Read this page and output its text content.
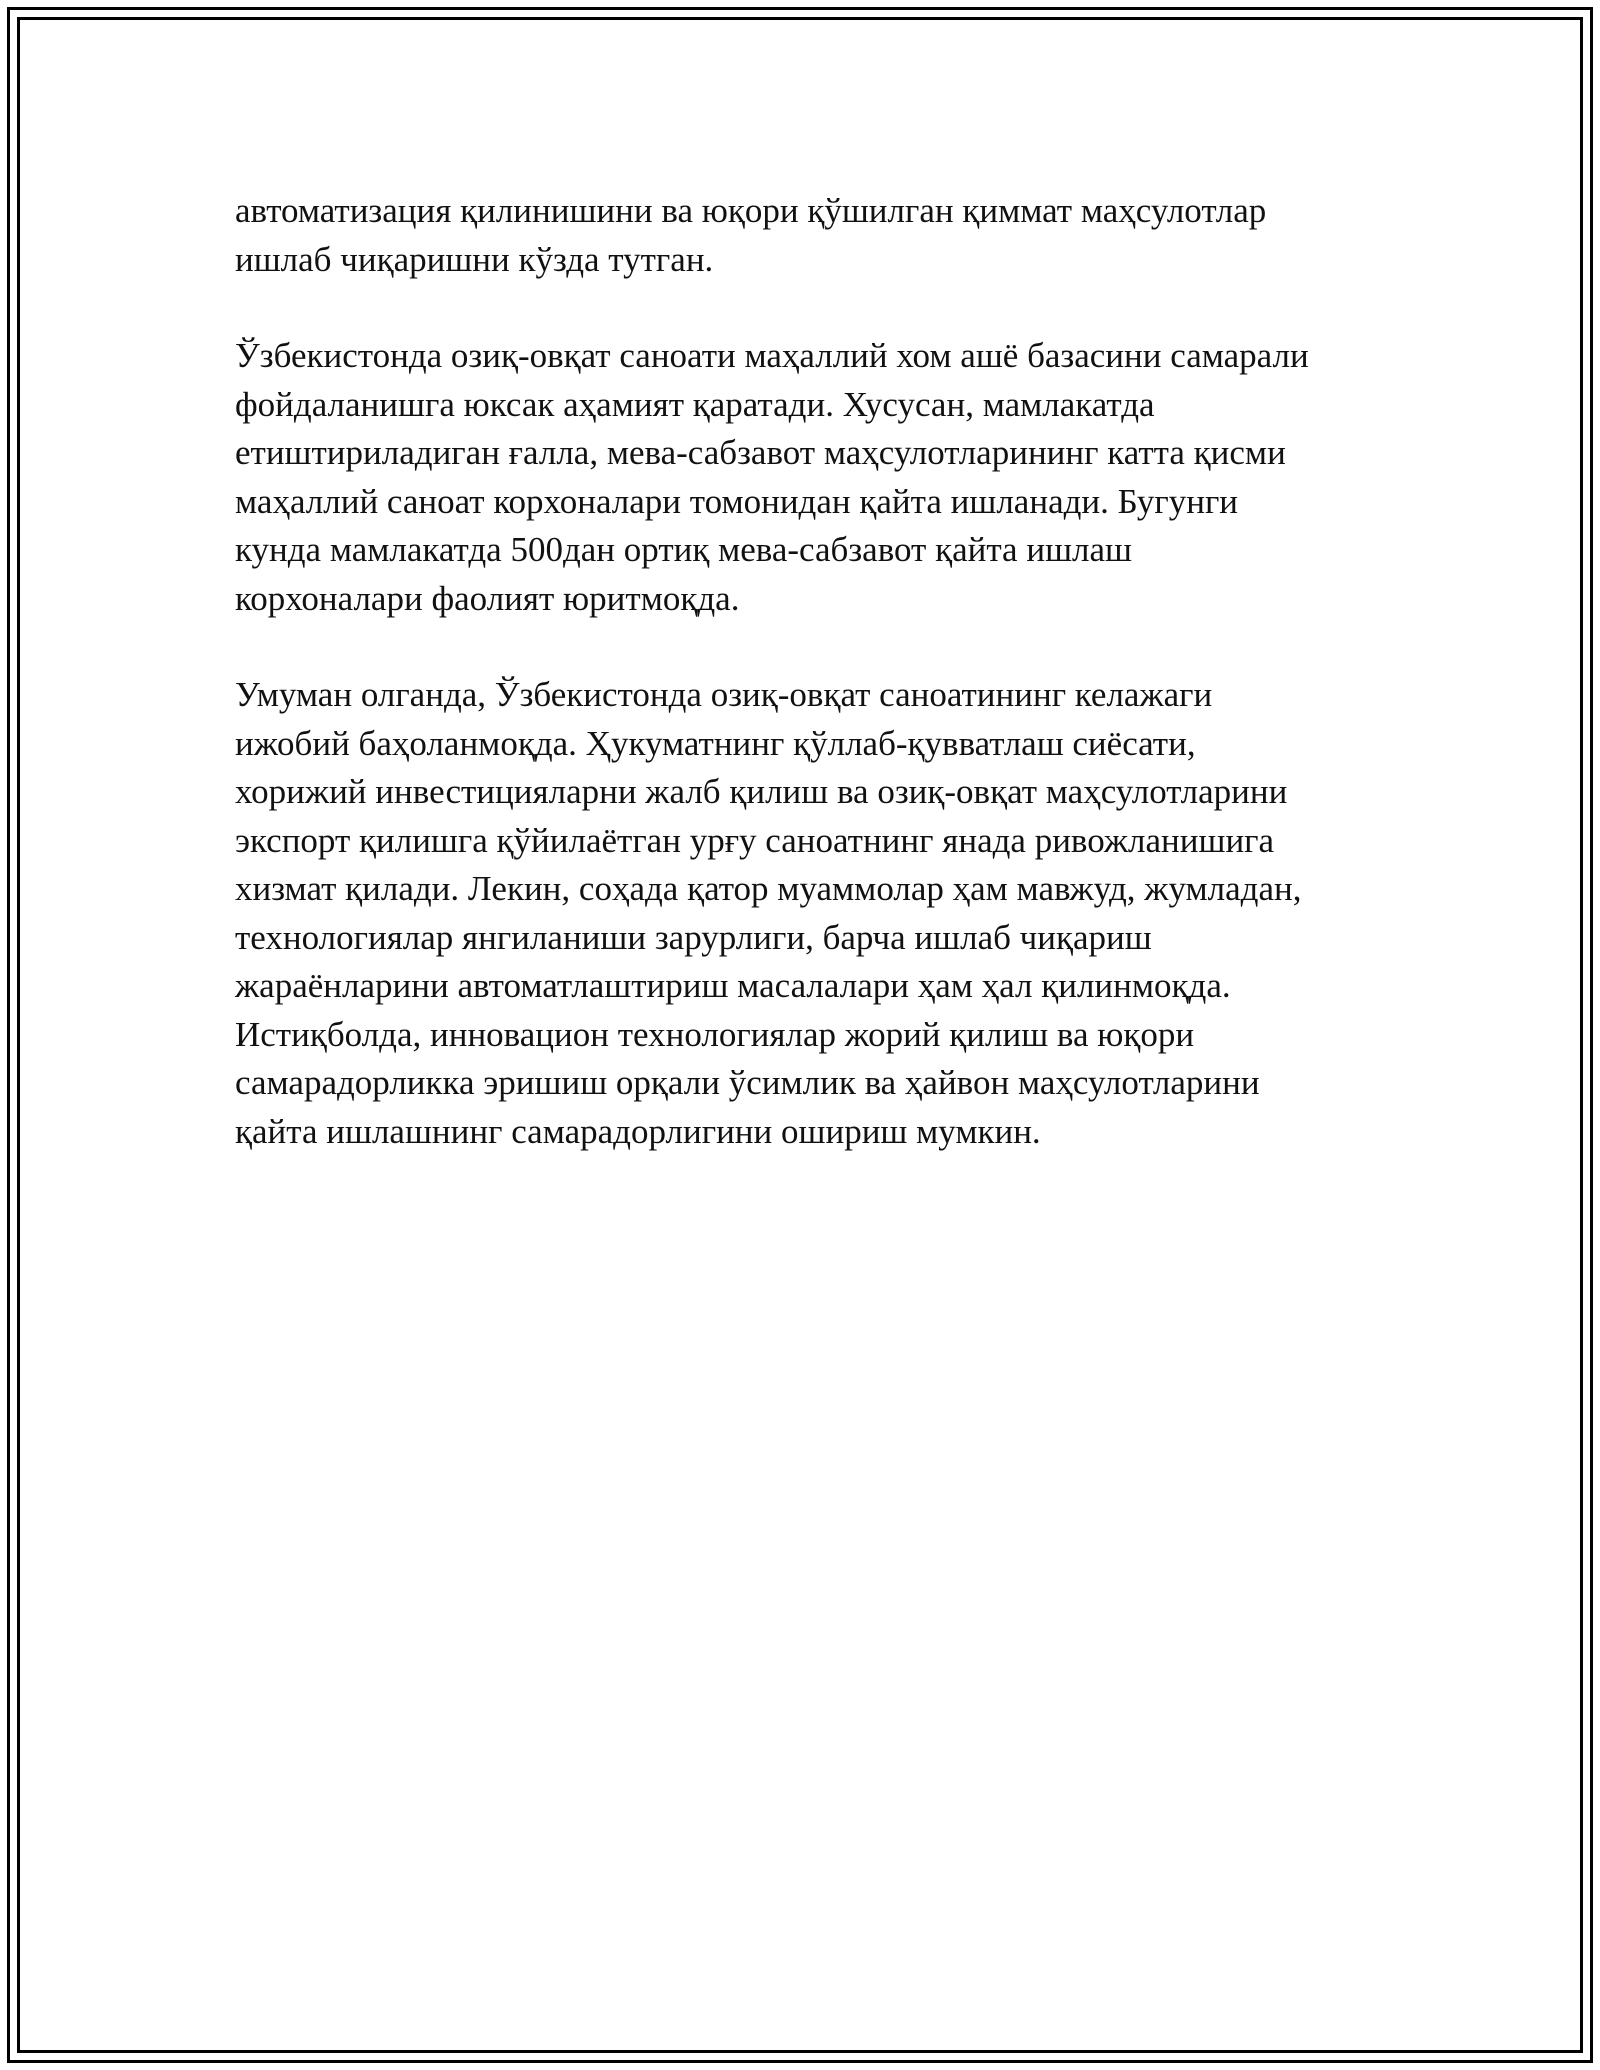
автоматизация қилинишини ва юқори қўшилган қиммат маҳсулотлар
ишлаб чиқаришни кўзда тутган.

Ўзбекистонда озиқ-овқат саноати маҳаллий хом ашё базасини самарали
фойдаланишга юксак аҳамият қаратади. Хусусан, мамлакатда
етиштириладиган ғалла, мева-сабзавот маҳсулотларининг катта қисми
маҳаллий саноат корхоналари томонидан қайта ишланади. Бугунги
кунда мамлакатда 500дан ортиқ мева-сабзавот қайта ишлаш
корхоналари фаолият юритмоқда.

Умуман олганда, Ўзбекистонда озиқ-овқат саноатининг келажаги
ижобий баҳоланмоқда. Ҳукуматнинг қўллаб-қувватлаш сиёсати,
хорижий инвестицияларни жалб қилиш ва озиқ-овқат маҳсулотларини
экспорт қилишга қўйилаётган урғу саноатнинг янада ривожланишига
хизмат қилади. Лекин, соҳада қатор муаммолар ҳам мавжуд, жумладан,
технологиялар янгиланиши зарурлиги, барча ишлаб чиқариш
жараёнларини автоматлаштириш масалалари ҳам ҳал қилинмоқда.
Истиқболда, инновацион технологиялар жорий қилиш ва юқори
самарадорликка эришиш орқали ўсимлик ва ҳайвон маҳсулотларини
қайта ишлашнинг самарадорлигини ошириш мумкин.
